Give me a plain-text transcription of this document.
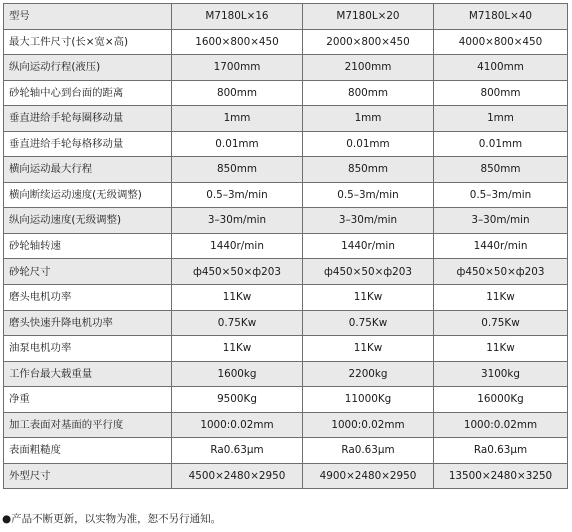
型号	M7180L×16	M7180L×20	M7180L×40
最大工件尺寸(长×宽×高)	1600×800×450	2000×800×450	4000×800×450
纵向运动行程(液压)	1700mm	2100mm	4100mm
砂轮轴中心到台面的距离	800mm	800mm	800mm
垂直进给手轮每圈移动量	1mm	1mm	1mm
垂直进给手轮每格移动量	0.01mm	0.01mm	0.01mm
横向运动最大行程	850mm	850mm	850mm
横向断续运动速度(无级调整)	0.5–3m/min	0.5–3m/min	0.5–3m/min
纵向运动速度(无级调整)	3–30m/min	3–30m/min	3–30m/min
砂轮轴转速	1440r/min	1440r/min	1440r/min
砂轮尺寸	ф450×50×ф203	ф450×50×ф203	ф450×50×ф203
磨头电机功率	11Kw	11Kw	11Kw
磨头快速升降电机功率	0.75Kw	0.75Kw	0.75Kw
油泵电机功率	11Kw	11Kw	11Kw
工作台最大载重量	1600kg	2200kg	3100kg
净重	9500Kg	11000Kg	16000Kg
加工表面对基面的平行度	1000:0.02mm	1000:0.02mm	1000:0.02mm
表面粗糙度	Ra0.63μm	Ra0.63μm	Ra0.63μm
外型尺寸	4500×2480×2950	4900×2480×2950	13500×2480×3250
●产品不断更新，以实物为准，恕不另行通知。
